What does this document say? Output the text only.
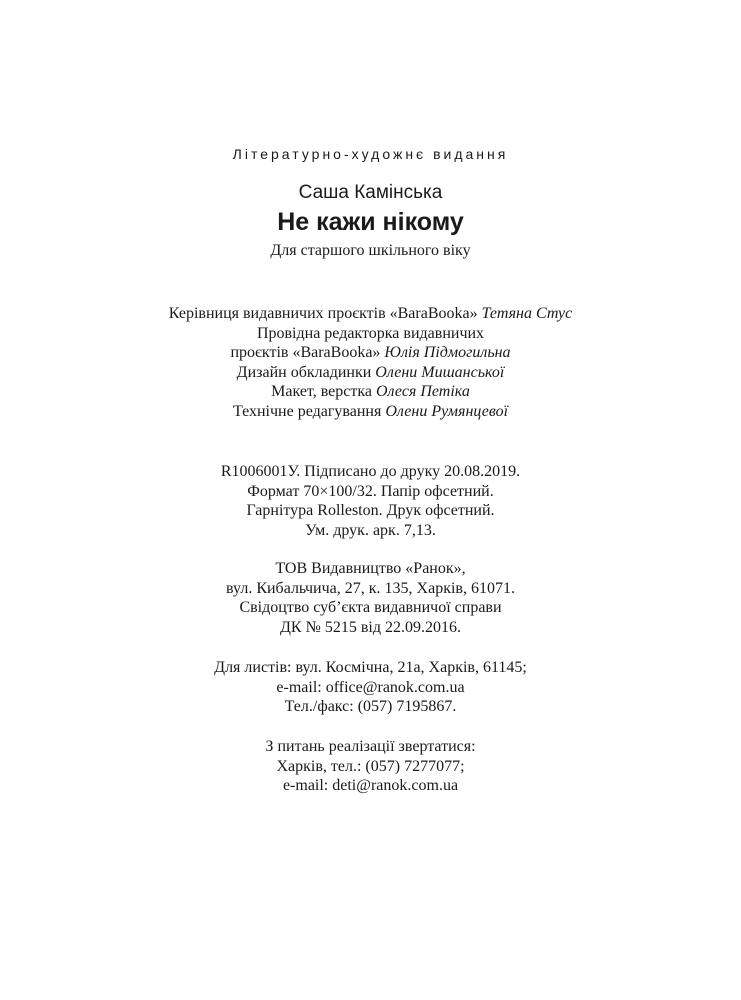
Літературно-художнє видання
Саша Камінська
Не кажи нікому
Для старшого шкільного віку
Керівниця видавничих проєктів «BaraBooka» Тетяна Стус
Провідна редакторка видавничих
проєктів «BaraBooka» Юлія Підмогильна
Дизайн обкладинки Олени Мишанської
Макет, верстка Олеся Петіка
Технічне редагування Олени Румянцевої
R1006001У. Підписано до друку 20.08.2019.
Формат 70×100/32. Папір офсетний.
Гарнітура Rolleston. Друк офсетний.
Ум. друк. арк. 7,13.
ТОВ Видавництво «Ранок»,
вул. Кибальчича, 27, к. 135, Харків, 61071.
Свідоцтво суб’єкта видавничої справи
ДК № 5215 від 22.09.2016.
Для листів: вул. Космічна, 21а, Харків, 61145;
e-mail: office@ranok.com.ua
Тел./факс: (057) 7195867.
З питань реалізації звертатися:
Харків, тел.: (057) 7277077;
e-mail: deti@ranok.com.ua
